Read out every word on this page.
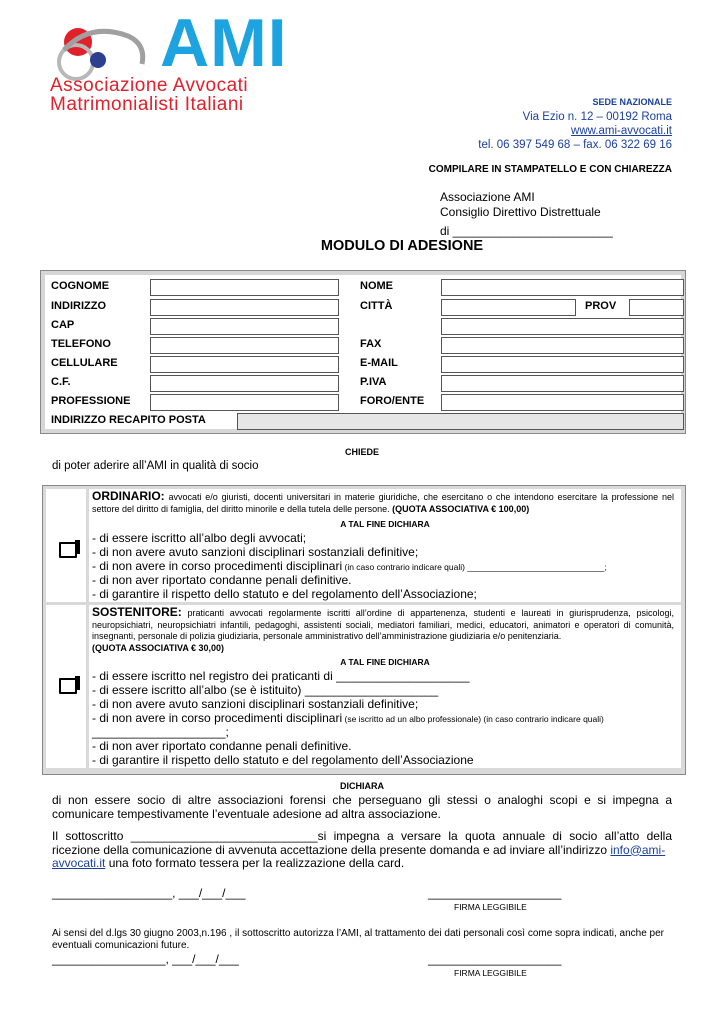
AMI
Associazione Avvocati
Matrimonialisti Italiani	SEDE NAZIONALE
Via Ezio n. 12 – 00192 Roma
www.ami-avvocati.it
tel. 06 397 549 68 – fax. 06 322 69 16
COMPILARE IN STAMPATELLO E CON CHIAREZZA
Associazione AMI
Consiglio Direttivo Distrettuale
di ________________________
MODULO DI ADESIONE
COGNOME	NOME
INDIRIZZO	CITTÀ	PROV
CAP
TELEFONO	FAX
CELLULARE	E-MAIL
C.F.	P.IVA
PROFESSIONE	FORO/ENTE
INDIRIZZO RECAPITO POSTA
CHIEDE
di poter aderire all’AMI in qualità di socio
ORDINARIO: avvocati e/o giuristi, docenti universitari in materie giuridiche, che esercitano o che intendono esercitare la professione nel settore del diritto di famiglia, del diritto minorile e della tutela delle persone. (QUOTA ASSOCIATIVA € 100,00)
A TAL FINE DICHIARA
- di essere iscritto all’albo degli avvocati;
- di non avere avuto sanzioni disciplinari sostanziali definitive;
- di non avere in corso procedimenti disciplinari (in caso contrario indicare quali) _____________________________;
- di non aver riportato condanne penali definitive.
- di garantire il rispetto dello statuto e del regolamento dell’Associazione;
SOSTENITORE: praticanti avvocati regolarmente iscritti all’ordine di appartenenza, studenti e laureati in giurisprudenza, psicologi, neuropsichiatri, neuropsichiatri infantili, pedagoghi, assistenti sociali, mediatori familiari, medici, educatori, animatori e operatori di comunità, insegnanti, personale di polizia giudiziaria, personale amministrativo dell’amministrazione giudiziaria e/o penitenziaria.
(QUOTA ASSOCIATIVA € 30,00)
A TAL FINE DICHIARA
- di essere iscritto nel registro dei praticanti di ____________________
- di essere iscritto all’albo (se è istituito) ____________________
- di non avere avuto sanzioni disciplinari sostanziali definitive;
- di non avere in corso procedimenti disciplinari (se iscritto ad un albo professionale) (in caso contrario indicare quali)
____________________;
- di non aver riportato condanne penali definitive.
- di garantire il rispetto dello statuto e del regolamento dell’Associazione
DICHIARA
di non essere socio di altre associazioni forensi che perseguano gli stessi o analoghi scopi e si impegna a comunicare tempestivamente l’eventuale adesione ad altra associazione.
Il sottoscritto ____________________________si impegna a versare la quota annuale di socio all’atto della ricezione della comunicazione di avvenuta accettazione della presente domanda e ad inviare all’indirizzo info@ami-
avvocati.it una foto formato tessera per la realizzazione della card.
__________________, ___/___/___	____________________
FIRMA LEGGIBILE
Ai sensi del d.lgs 30 giugno 2003,n.196 , il sottoscritto autorizza l’AMI, al trattamento dei dati personali così come sopra indicati, anche per eventuali comunicazioni future.
_________________, ___/___/___	____________________
FIRMA LEGGIBILE
